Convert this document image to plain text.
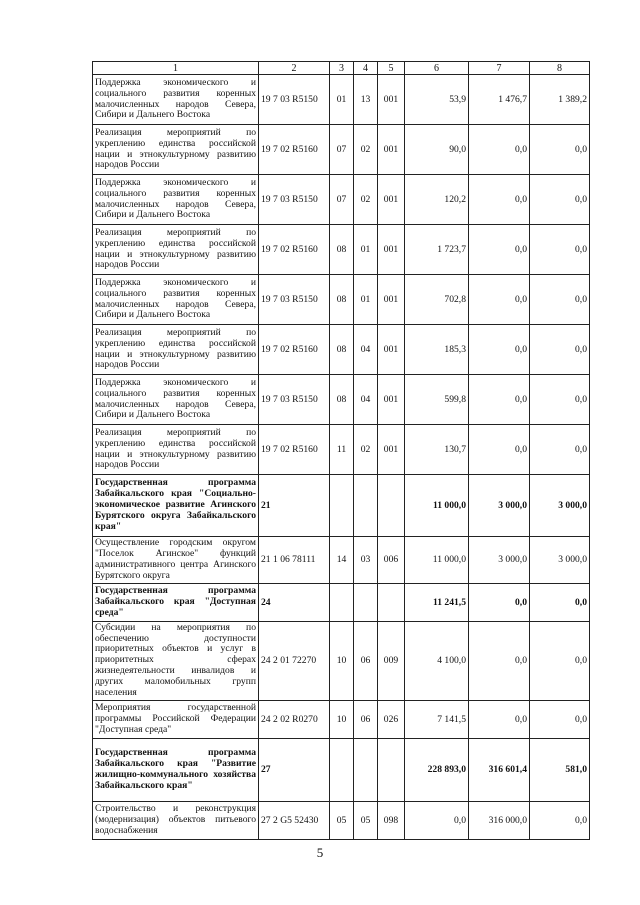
1	2	3	4	5	6	7	8
Поддержка экономического и социального развития коренных малочисленных народов Севера, Сибири и Дальнего Востока	19 7 03 R5150	01	13	001	53,9	1 476,7	1 389,2
Реализация мероприятий по укреплению единства российской нации и этнокультурному развитию народов России	19 7 02 R5160	07	02	001	90,0	0,0	0,0
Поддержка экономического и социального развития коренных малочисленных народов Севера, Сибири и Дальнего Востока	19 7 03 R5150	07	02	001	120,2	0,0	0,0
Реализация мероприятий по укреплению единства российской нации и этнокультурному развитию народов России	19 7 02 R5160	08	01	001	1 723,7	0,0	0,0
Поддержка экономического и социального развития коренных малочисленных народов Севера, Сибири и Дальнего Востока	19 7 03 R5150	08	01	001	702,8	0,0	0,0
Реализация мероприятий по укреплению единства российской нации и этнокультурному развитию народов России	19 7 02 R5160	08	04	001	185,3	0,0	0,0
Поддержка экономического и социального развития коренных малочисленных народов Севера, Сибири и Дальнего Востока	19 7 03 R5150	08	04	001	599,8	0,0	0,0
Реализация мероприятий по укреплению единства российской нации и этнокультурному развитию народов России	19 7 02 R5160	11	02	001	130,7	0,0	0,0
Государственная программа Забайкальского края "Социально-экономическое развитие Агинского Бурятского округа Забайкальского края"	21				11 000,0	3 000,0	3 000,0
Осуществление городским округом "Поселок Агинское" функций административного центра Агинского Бурятского округа	21 1 06 78111	14	03	006	11 000,0	3 000,0	3 000,0
Государственная программа Забайкальского края "Доступная среда"	24				11 241,5	0,0	0,0
Субсидии на мероприятия по обеспечению доступности приоритетных объектов и услуг в приоритетных сферах жизнедеятельности инвалидов и других маломобильных групп населения	24 2 01 72270	10	06	009	4 100,0	0,0	0,0
Мероприятия государственной программы Российской Федерации "Доступная среда"	24 2 02 R0270	10	06	026	7 141,5	0,0	0,0
Государственная программа Забайкальского края "Развитие жилищно-коммунального хозяйства Забайкальского края"	27				228 893,0	316 601,4	581,0
Строительство и реконструкция (модернизация) объектов питьевого водоснабжения	27 2 G5 52430	05	05	098	0,0	316 000,0	0,0
5
